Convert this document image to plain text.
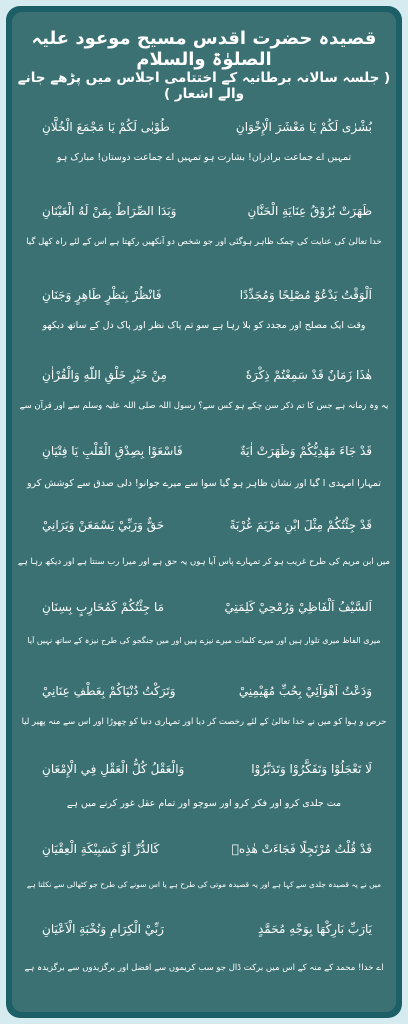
قصیدہ حضرت اقدس مسیح موعود علیہ الصلوٰۃ والسلام
( جلسہ سالانہ برطانیہ کے اختتامی اجلاس میں پڑھے جانے والے اشعار )
بُشْرٰى لَكُمْ يَا مَعْشَرَ الْإِخْوَانِ
طُوْبٰى لَكُمْ يَا مَجْمَعَ الْخُلَّانِ
تمہیں اے جماعت برادران! بشارت ہو تمہیں اے جماعت دوستان! مبارک ہو
ظَهَرَتْ بُرُوْقُ عِنَايَةِ الْحَنَّانِ
وَبَدَا الصِّرَاطُ بِمَنْ لَهُ الْعَيْنَانِ
خدا تعالیٰ کی عنایت کی چمک ظاہر ہوگئی اور جو شخص دو آنکھیں رکھتا ہے اس کے لئے راہ کھل گیا
اَلْوَقْتُ يَدْعُوْ مُصْلِحًا وَمُجَدِّدًا
فَانْظُرْ بِنَظْرٍ طَاهِرٍ وَجَنَانِ
وقت ایک مصلح اور مجدد کو بلا رہا ہے سو تم پاک نظر اور پاک دل کے ساتھ دیکھو
هٰذَا زَمَانٌ قَدْ سَمِعْتُمْ ذِكْرَهٗ
مِنْ خَيْرِ خَلْقِ اللّٰهِ وَالْقُرْاٰنِ
یہ وہ زمانہ ہے جس کا تم ذکر سن چکے ہو کس سے؟ رسول اللہ صلی اللہ علیہ وسلم سے اور قرآن سے
قَدْ جَاءَ مَهْدِيُّكُمْ وَظَهَرَتْ اٰيَةٌ
فَاسْعَوْا بِصِدْقِ الْقَلْبِ يَا فِتْيَانِ
تمہارا امہدی آ گیا اور نشان ظاہر ہو گیا سوا سے میرے جوانو! دلی صدق سے کوشش کرو
قَدْ جِئْتُكُمْ مِثْلَ ابْنِ مَرْيَمَ غُرْبَةً
حَقٌّ وَرَبِّيْ يَسْمَعَنْ وَيَرَانِيْ
میں ابن مریم کی طرح غریب ہو کر تمہارے پاس آیا ہوں یہ حق ہے اور میرا رب سنتا ہے اور دیکھ رہا ہے
اَلسَّيْفُ اَلْفَاظِيْ وَرُمْحِيْ كَلِمَتِيْ
مَا جِئْتُكُمْ كَمُحَارِبٍ بِسِنَانِ
میری الفاظ میری تلوار ہیں اور میرے کلمات میرے نیزے ہیں اور میں جنگجو کی طرح نیزہ کے ساتھ نہیں آیا
وَدَعْتُ اَهْوَآئِيْ بِحُبِّ مُهَيْمِنِيْ
وَتَرَكْتُ دُنْيَاكُمْ بِعَطْفِ عِنَانِيْ
حرص و ہوا کو میں نے خدا تعالیٰ کے لئے رخصت کر دیا اور تمہاری دنیا کو چھوڑا اور اس سے منہ پھیر لیا
لَا تَعْجَلُوْا وَتَفَكَّرُوْا وَتَدَبَّرُوْا
وَالْعَقْلُ كُلُّ الْعَقْلِ فِي الْإِمْعَانِ
مت جلدی کرو اور فکر کرو اور سوچو اور تمام عقل غور کرنے میں ہے
قَدْ قُلْتُ مُرْتَجِلًا فَجَاءَتْ هٰذِهٖ
كَالدُّرِّ اَوْ كَسَبِيْكَةِ الْعِقْيَانِ
میں نے یہ قصیدہ جلدی سے کہا ہے اور یہ قصیدہ موتی کی طرح ہے یا اس سونے کی طرح جو کٹھالی سے نکلتا ہے
يَارَبِّ بَارِكْهَا بِوَجْهِ مُحَمَّدٍ
رَبِّيْ الْكِرَامِ وَنُخْبَةِ الْاَعْيَانِ
اے خدا! محمد کے منہ کے اس میں برکت ڈال جو سب کریموں سے افضل اور برگزیدوں سے برگزیدہ ہے
